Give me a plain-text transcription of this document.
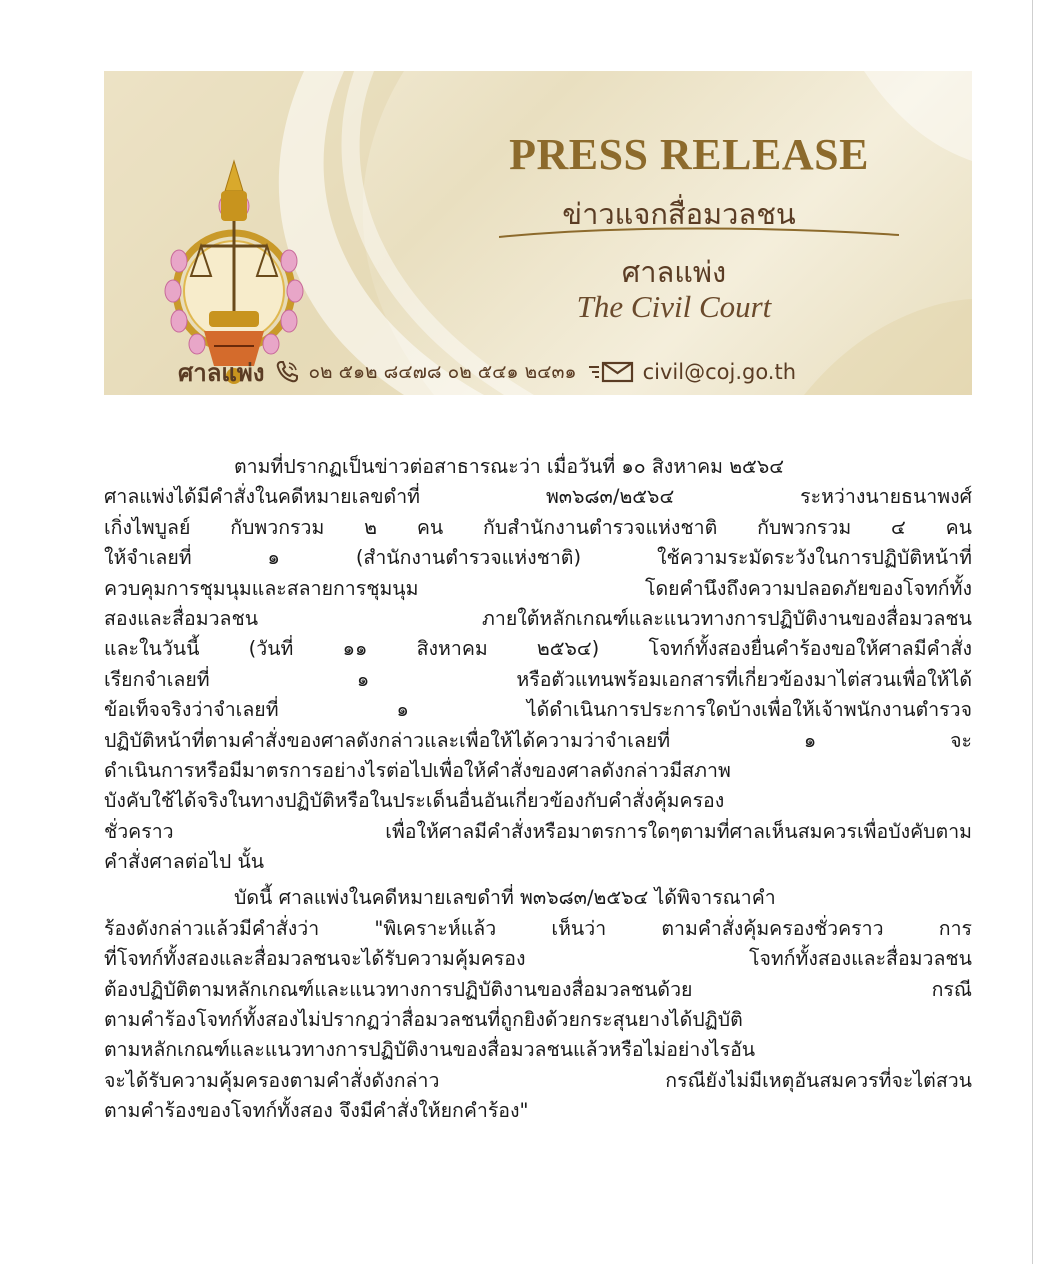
PRESS RELEASE
ข่าวแจกสื่อมวลชน
ศาลแพ่ง
The Civil Court
ศาลแพ่ง ๐๒ ๕๑๒ ๘๔๗๘ ๐๒ ๕๔๑ ๒๔๓๑	civil@coj.go.th
ตามที่ปรากฏเป็นข่าวต่อสาธารณะว่า เมื่อวันที่ ๑๐ สิงหาคม ๒๕๖๔
ศาลแพ่งได้มีคำสั่งในคดีหมายเลขดำที่ พ๓๖๘๓/๒๕๖๔ ระหว่างนายธนาพงศ์
เกิ่งไพบูลย์ กับพวกรวม ๒ คน กับสำนักงานตำรวจแห่งชาติ กับพวกรวม ๔ คน
ให้จำเลยที่ ๑ (สำนักงานตำรวจแห่งชาติ) ใช้ความระมัดระวังในการปฏิบัติหน้าที่
ควบคุมการชุมนุมและสลายการชุมนุม โดยคำนึงถึงความปลอดภัยของโจทก์ทั้ง
สองและสื่อมวลชน ภายใต้หลักเกณฑ์และแนวทางการปฏิบัติงานของสื่อมวลชน
และในวันนี้ (วันที่ ๑๑ สิงหาคม ๒๕๖๔) โจทก์ทั้งสองยื่นคำร้องขอให้ศาลมีคำสั่ง
เรียกจำเลยที่ ๑ หรือตัวแทนพร้อมเอกสารที่เกี่ยวข้องมาไต่สวนเพื่อให้ได้
ข้อเท็จจริงว่าจำเลยที่ ๑ ได้ดำเนินการประการใดบ้างเพื่อให้เจ้าพนักงานตำรวจ
ปฏิบัติหน้าที่ตามคำสั่งของศาลดังกล่าวและเพื่อให้ได้ความว่าจำเลยที่ ๑ จะ
ดำเนินการหรือมีมาตรการอย่างไรต่อไปเพื่อให้คำสั่งของศาลดังกล่าวมีสภาพ
บังคับใช้ได้จริงในทางปฏิบัติหรือในประเด็นอื่นอันเกี่ยวข้องกับคำสั่งคุ้มครอง
ชั่วคราว เพื่อให้ศาลมีคำสั่งหรือมาตรการใดๆตามที่ศาลเห็นสมควรเพื่อบังคับตาม
คำสั่งศาลต่อไป นั้น
บัดนี้ ศาลแพ่งในคดีหมายเลขดำที่ พ๓๖๘๓/๒๕๖๔ ได้พิจารณาคำ
ร้องดังกล่าวแล้วมีคำสั่งว่า "พิเคราะห์แล้ว เห็นว่า ตามคำสั่งคุ้มครองชั่วคราว การ
ที่โจทก์ทั้งสองและสื่อมวลชนจะได้รับความคุ้มครอง โจทก์ทั้งสองและสื่อมวลชน
ต้องปฏิบัติตามหลักเกณฑ์และแนวทางการปฏิบัติงานของสื่อมวลชนด้วย กรณี
ตามคำร้องโจทก์ทั้งสองไม่ปรากฏว่าสื่อมวลชนที่ถูกยิงด้วยกระสุนยางได้ปฏิบัติ
ตามหลักเกณฑ์และแนวทางการปฏิบัติงานของสื่อมวลชนแล้วหรือไม่อย่างไรอัน
จะได้รับความคุ้มครองตามคำสั่งดังกล่าว กรณียังไม่มีเหตุอันสมควรที่จะไต่สวน
ตามคำร้องของโจทก์ทั้งสอง จึงมีคำสั่งให้ยกคำร้อง"
